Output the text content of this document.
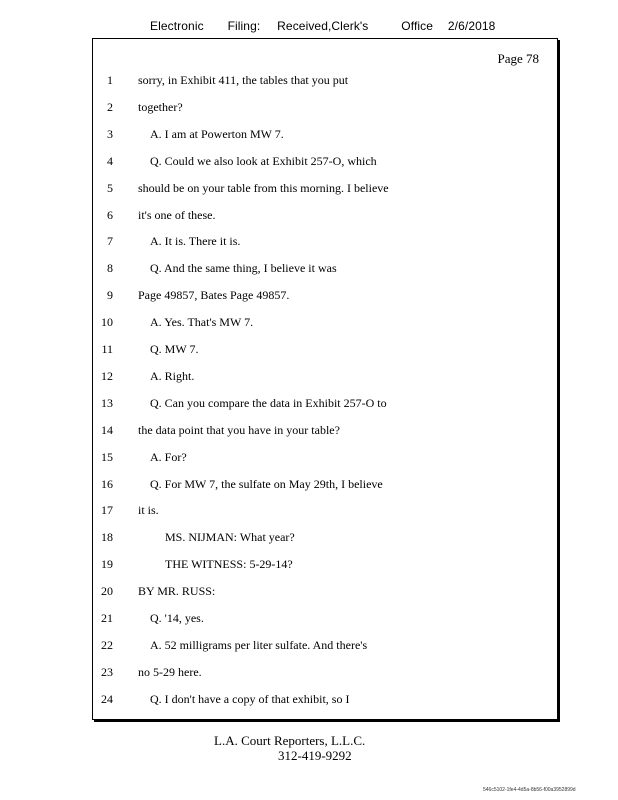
Electronic Filing: Received,Clerk's	Office 2/6/2018
Page 78
1 sorry, in Exhibit 411, the tables that you put
2 together?
3	A. I am at Powerton MW 7.
4	Q. Could we also look at Exhibit 257-O, which
5 should be on your table from this morning. I believe
6 it's one of these.
7	A. It is. There it is.
8	Q. And the same thing, I believe it was
9 Page 49857, Bates Page 49857.
10	A. Yes. That's MW 7.
11	Q. MW 7.
12	A. Right.
13	Q. Can you compare the data in Exhibit 257-O to
14 the data point that you have in your table?
15	A. For?
16	Q. For MW 7, the sulfate on May 29th, I believe
17 it is.
18	MS. NIJMAN: What year?
19	THE WITNESS: 5-29-14?
20 BY MR. RUSS:
21	Q. '14, yes.
22	A. 52 milligrams per liter sulfate. And there's
23 no 5-29 here.
24	Q. I don't have a copy of that exhibit, so I
L.A. Court Reporters, L.L.C.
312-419-9292
546c5102-1fe4-4d5a-8b56-f00a3952899d
